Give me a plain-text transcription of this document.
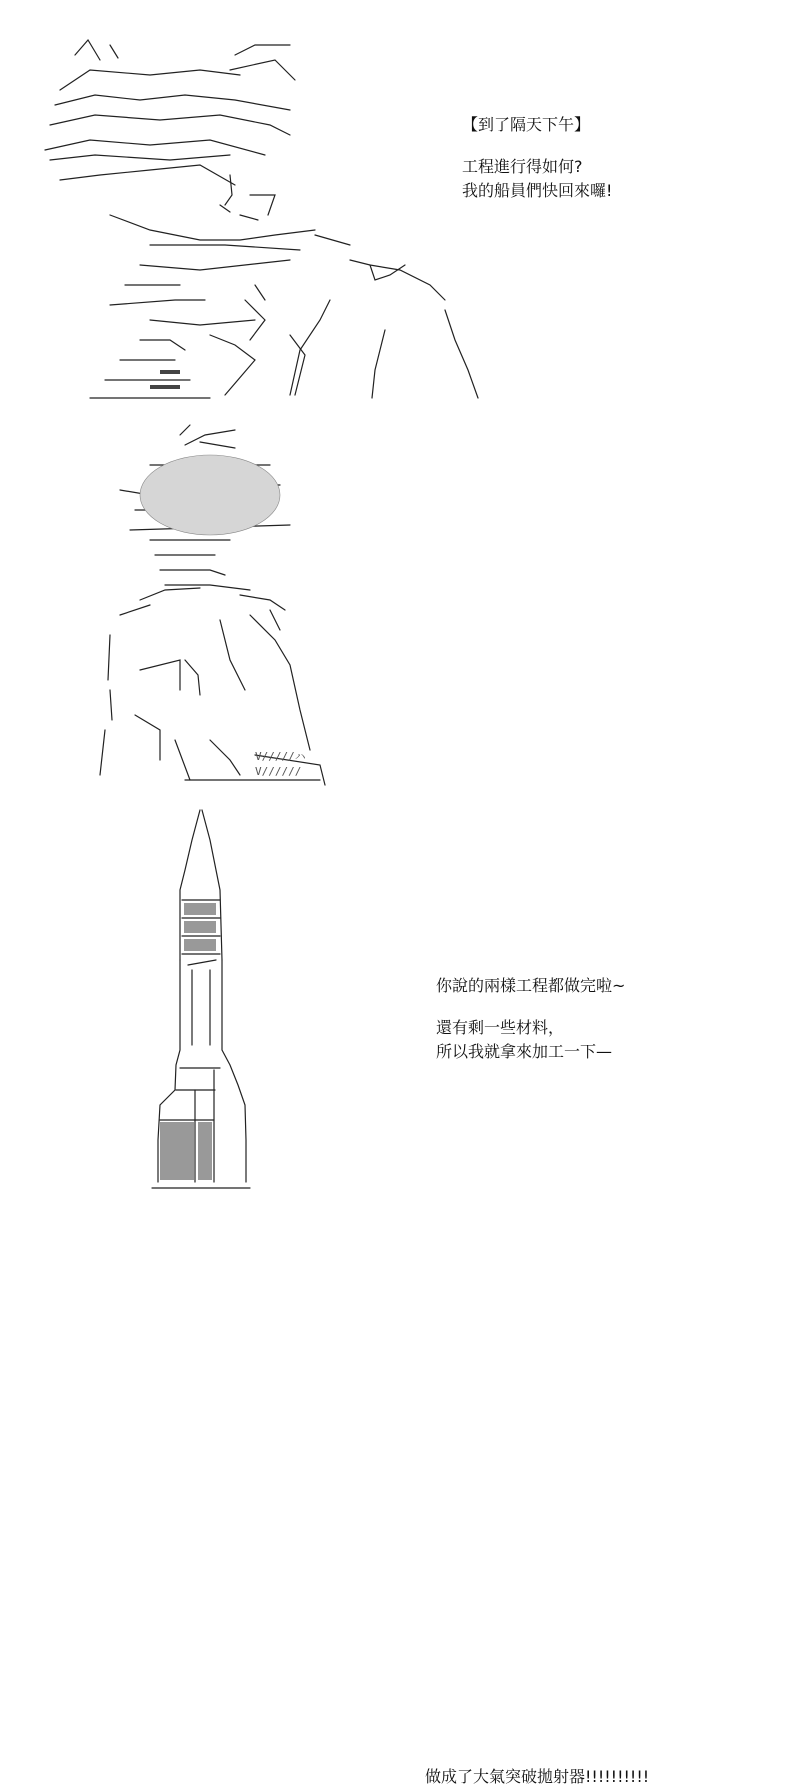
【到了隔天下午】

工程進行得如何?

我的船員們快回來囉!

V/////ハ
V//////

你說的兩樣工程都做完啦~

還有剩一些材料，

所以我就拿來加工一下—

做成了大氣突破拋射器!!!!!!!!!!
